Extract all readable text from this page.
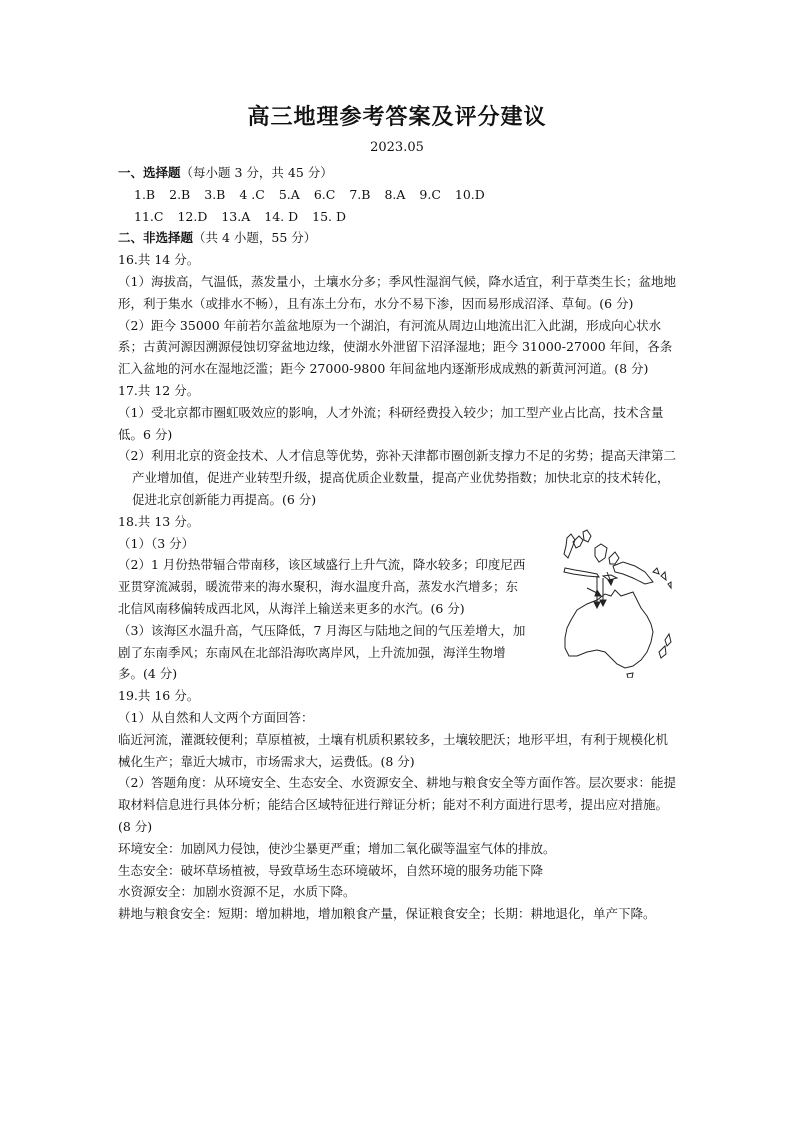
高三地理参考答案及评分建议
2023.05

一、选择题（每小题 3 分，共 45 分）

1.B 2.B 3.B 4 .C 5.A 6.C 7.B 8.A 9.C 10.D

11.C 12.D 13.A 14. D 15. D

二、非选择题（共 4 小题，55 分）

16.共 14 分。

（1）海拔高，气温低，蒸发量小，土壤水分多；季风性湿润气候，降水适宜，利于草类生长；盆地地形，利于集水（或排水不畅），且有冻土分布，水分不易下渗，因而易形成沼泽、草甸。(6 分)

（2）距今 35000 年前若尔盖盆地原为一个湖泊，有河流从周边山地流出汇入此湖，形成向心状水系；古黄河源因溯源侵蚀切穿盆地边缘，使湖水外泄留下沼泽湿地；距今 31000-27000 年间，各条汇入盆地的河水在湿地泛滥；距今 27000-9800 年间盆地内逐渐形成成熟的新黄河河道。(8 分)

17.共 12 分。

（1）受北京都市圈虹吸效应的影响，人才外流；科研经费投入较少；加工型产业占比高，技术含量低。6 分)

（2）利用北京的资金技术、人才信息等优势，弥补天津都市圈创新支撑力不足的劣势；提高天津第二产业增加值，促进产业转型升级，提高优质企业数量，提高产业优势指数；加快北京的技术转化，促进北京创新能力再提高。(6 分)

18.共 13 分。

（1）（3 分）

（2）1 月份热带辐合带南移，该区域盛行上升气流，降水较多；印度尼西亚贯穿流减弱，暖流带来的海水聚积，海水温度升高，蒸发水汽增多；东北信风南移偏转成西北风，从海洋上输送来更多的水汽。(6 分)

（3）该海区水温升高，气压降低，7 月海区与陆地之间的气压差增大，加剧了东南季风；东南风在北部沿海吹离岸风，上升流加强，海洋生物增多。(4 分)

19.共 16 分。

（1）从自然和人文两个方面回答：

临近河流，灌溉较便利；草原植被，土壤有机质积累较多，土壤较肥沃；地形平坦，有利于规模化机械化生产；靠近大城市，市场需求大，运费低。(8 分)

（2）答题角度：从环境安全、生态安全、水资源安全、耕地与粮食安全等方面作答。层次要求：能提取材料信息进行具体分析；能结合区域特征进行辩证分析；能对不利方面进行思考，提出应对措施。(8 分)

环境安全：加剧风力侵蚀，使沙尘暴更严重；增加二氧化碳等温室气体的排放。

生态安全：破坏草场植被，导致草场生态环境破坏，自然环境的服务功能下降

水资源安全：加剧水资源不足，水质下降。

耕地与粮食安全：短期：增加耕地，增加粮食产量，保证粮食安全；长期：耕地退化，单产下降。
